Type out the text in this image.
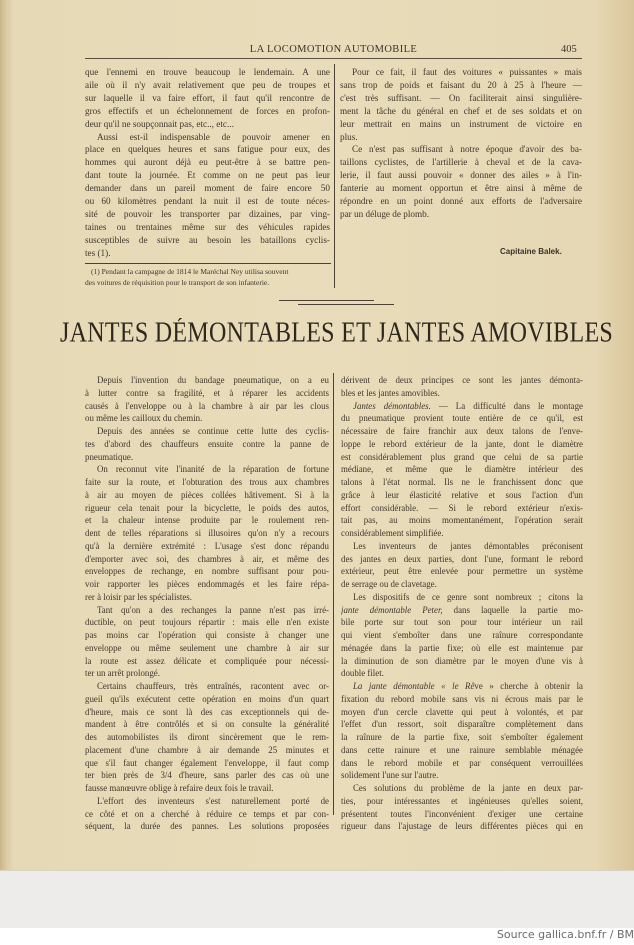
LA LOCOMOTION AUTOMOBILE	405
que l'ennemi en trouve beaucoup le lendemain. A une
aile où il n'y avait relativement que peu de troupes et
sur laquelle il va faire effort, il faut qu'il rencontre de
gros effectifs et un échelonnement de forces en profon-
deur qu'il ne soupçonnait pas, etc.., etc...
Aussi est-il indispensable de pouvoir amener en
place en quelques heures et sans fatigue pour eux, des
hommes qui auront déjà eu peut-être à se battre pen-
dant toute la journée. Et comme on ne peut pas leur
demander dans un pareil moment de faire encore 50
ou 60 kilomètres pendant la nuit il est de toute néces-
sité de pouvoir les transporter par dizaines, par ving-
taines ou trentaines même sur des véhicules rapides
susceptibles de suivre au besoin les bataillons cyclis-
tes (1).
Pour ce fait, il faut des voitures « puissantes » mais
sans trop de poids et faisant du 20 à 25 à l'heure —
c'est très suffisant. — On faciliterait ainsi singulière-
ment la tâche du général en chef et de ses soldats et on
leur mettrait en mains un instrument de victoire en
plus.
Ce n'est pas suffisant à notre époque d'avoir des ba-
taillons cyclistes, de l'artillerie à cheval et de la cava-
lerie, il faut aussi pouvoir « donner des ailes » à l'in-
fanterie au moment opportun et être ainsi à même de
répondre en un point donné aux efforts de l'adversaire
par un déluge de plomb.
(1) Pendant la campagne de 1814 le Maréchal Ney utilisa souvent
des voitures de réquisition pour le transport de son infanterie.
Capitaine Balek.
JANTES DÉMONTABLES ET JANTES AMOVIBLES
Depuis l'invention du bandage pneumatique, on a eu
à lutter contre sa fragilité, et à réparer les accidents
causés à l'enveloppe ou à la chambre à air par les clous
ou même les cailloux du chemin.
Depuis des années se continue cette lutte des cyclis-
tes d'abord des chauffeurs ensuite contre la panne de
pneumatique.
On reconnut vite l'inanité de la réparation de fortune
faite sur la route, et l'obturation des trous aux chambres
à air au moyen de pièces collées hâtivement. Si à la
rigueur cela tenait pour la bicyclette, le poids des autos,
et la chaleur intense produite par le roulement ren-
dent de telles réparations si illusoires qu'on n'y a recours
qu'à la dernière extrémité : L'usage s'est donc répandu
d'emporter avec soi, des chambres à air, et même des
enveloppes de rechange, en nombre suffisant pour pou-
voir rapporter les pièces endommagés et les faire répa-
rer à loisir par les spécialistes.
Tant qu'on a des rechanges la panne n'est pas irré-
ductible, on peut toujours répartir : mais elle n'en existe
pas moins car l'opération qui consiste à changer une
enveloppe ou même seulement une chambre à air sur
la route est assez délicate et compliquée pour nécessi-
ter un arrêt prolongé.
Certains chauffeurs, très entraînés, racontent avec or-
gueil qu'ils exécutent cette opération en moins d'un quart
d'heure, mais ce sont là des cas exceptionnels qui de-
mandent à être contrôlés et si on consulte la généralité
des automobilistes ils diront sincèrement que le rem-
placement d'une chambre à air demande 25 minutes et
que s'il faut changer également l'enveloppe, il faut comp
ter bien près de 3/4 d'heure, sans parler des cas où une
fausse manœuvre oblige à refaire deux fois le travail.
L'effort des inventeurs s'est naturellement porté de
ce côté et on a cherché à réduire ce temps et par con-
séquent, la durée des pannes. Les solutions proposées
dérivent de deux principes ce sont les jantes démonta-
bles et les jantes amovibles.
Jantes démontables. — La difficulté dans le montage
du pneumatique provient toute entière de ce qu'il, est
nécessaire de faire franchir aux deux talons de l'enve-
loppe le rebord extérieur de la jante, dont le diamètre
est considérablement plus grand que celui de sa partie
médiane, et même que le diamètre intérieur des
talons à l'état normal. Ils ne le franchissent donc que
grâce à leur élasticité relative et sous l'action d'un
effort considérable. — Si le rebord extérieur n'exis-
tait pas, au moins momentanément, l'opération serait
considérablement simplifiée.
Les inventeurs de jantes démontables préconisent
des jantes en deux parties, dont l'une, formant le rebord
extérieur, peut être enlevée pour permettre un système
de serrage ou de clavetage.
Les dispositifs de ce genre sont nombreux ; citons la
jante démontable Peter, dans laquelle la partie mo-
bile porte sur tout son pour tour intérieur un rail
qui vient s'emboîter dans une raînure correspondante
ménagée dans la partie fixe; où elle est maintenue par
la diminution de son diamètre par le moyen d'une vis à
double filet.
La jante démontable « le Rêve » cherche à obtenir la
fixation du rebord mobile sans vis ni écrous mais par le
moyen d'un cercle clavette qui peut à volontés, et par
l'effet d'un ressort, soit disparaître complètement dans
la raînure de la partie fixe, soit s'emboîter également
dans cette rainure et une rainure semblable ménagée
dans le rebord mobile et par conséquent verrouillées
solidement l'une sur l'autre.
Ces solutions du problème de la jante en deux par-
ties, pour intéressantes et ingénieuses qu'elles soient,
présentent toutes l'inconvénient d'exiger une certaine
rigueur dans l'ajustage de leurs différentes pièces qui en
Source gallica.bnf.fr / BM
